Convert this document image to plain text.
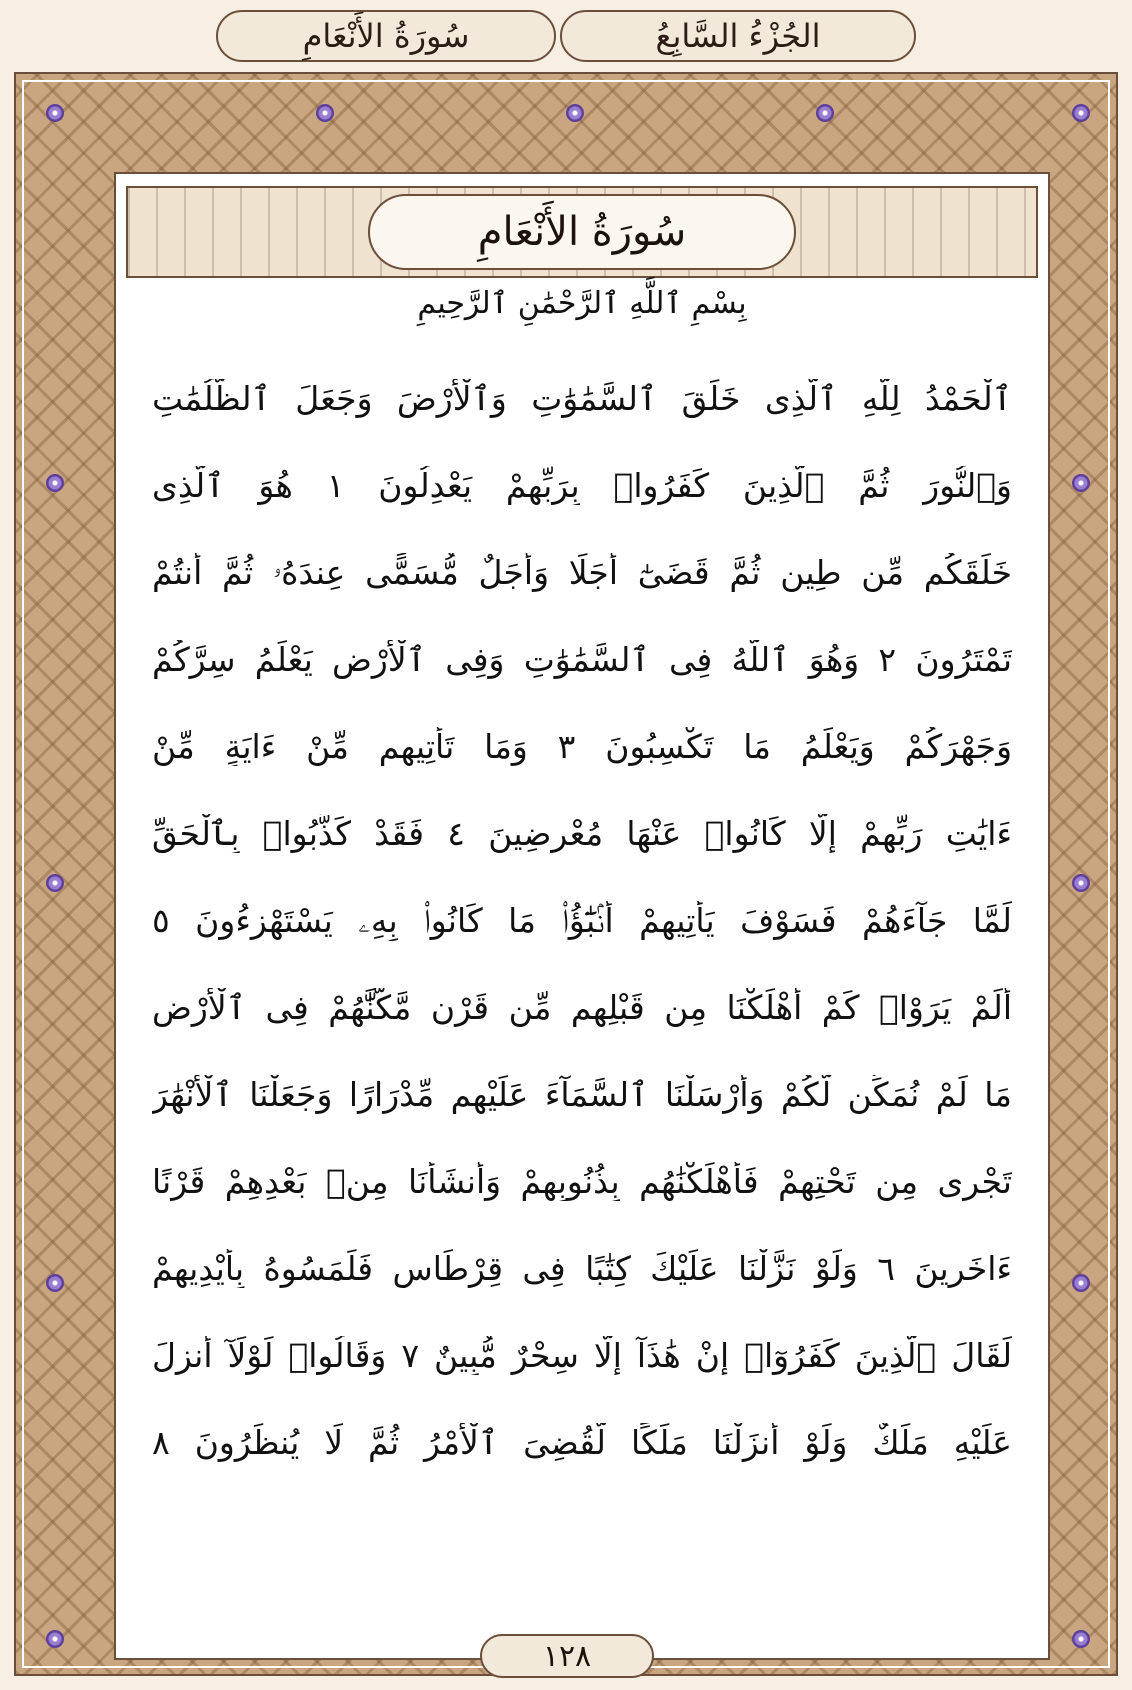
سُورَةُ الأَنْعَامِ	الجُزْءُ السَّابِعُ
سُورَةُ الأَنْعَامِ
بِسْمِ ٱللَّهِ ٱلرَّحْمَٰنِ ٱلرَّحِيمِ
ٱلْحَمْدُ لِلَّهِ ٱلَّذِى خَلَقَ ٱلسَّمَٰوَٰتِ وَٱلْأَرْضَ وَجَعَلَ ٱلظُّلُمَٰتِ
وَٱلنُّورَ ثُمَّ ٱلَّذِينَ كَفَرُوا۟ بِرَبِّهِمْ يَعْدِلُونَ ١ هُوَ ٱلَّذِى
خَلَقَكُم مِّن طِينٍ ثُمَّ قَضَىٰٓ أَجَلًا وَأَجَلٌ مُّسَمًّى عِندَهُۥ ثُمَّ أَنتُمْ
تَمْتَرُونَ ٢ وَهُوَ ٱللَّهُ فِى ٱلسَّمَٰوَٰتِ وَفِى ٱلْأَرْضِ يَعْلَمُ سِرَّكُمْ
وَجَهْرَكُمْ وَيَعْلَمُ مَا تَكْسِبُونَ ٣ وَمَا تَأْتِيهِم مِّنْ ءَايَةٍ مِّنْ
ءَايَٰتِ رَبِّهِمْ إِلَّا كَانُوا۟ عَنْهَا مُعْرِضِينَ ٤ فَقَدْ كَذَّبُوا۟ بِٱلْحَقِّ
لَمَّا جَآءَهُمْ فَسَوْفَ يَأْتِيهِمْ أَنۢبَٰٓؤُا۟ مَا كَانُوا۟ بِهِۦ يَسْتَهْزِءُونَ ٥
أَلَمْ يَرَوْا۟ كَمْ أَهْلَكْنَا مِن قَبْلِهِم مِّن قَرْنٍ مَّكَّنَّٰهُمْ فِى ٱلْأَرْضِ
مَا لَمْ نُمَكِّن لَّكُمْ وَأَرْسَلْنَا ٱلسَّمَآءَ عَلَيْهِم مِّدْرَارًا وَجَعَلْنَا ٱلْأَنْهَٰرَ
تَجْرِى مِن تَحْتِهِمْ فَأَهْلَكْنَٰهُم بِذُنُوبِهِمْ وَأَنشَأْنَا مِنۢ بَعْدِهِمْ قَرْنًا
ءَاخَرِينَ ٦ وَلَوْ نَزَّلْنَا عَلَيْكَ كِتَٰبًا فِى قِرْطَاسٍ فَلَمَسُوهُ بِأَيْدِيهِمْ
لَقَالَ ٱلَّذِينَ كَفَرُوٓا۟ إِنْ هَٰذَآ إِلَّا سِحْرٌ مُّبِينٌ ٧ وَقَالُوا۟ لَوْلَآ أُنزِلَ
عَلَيْهِ مَلَكٌ وَلَوْ أَنزَلْنَا مَلَكًا لَّقُضِىَ ٱلْأَمْرُ ثُمَّ لَا يُنظَرُونَ ٨
١٢٨
